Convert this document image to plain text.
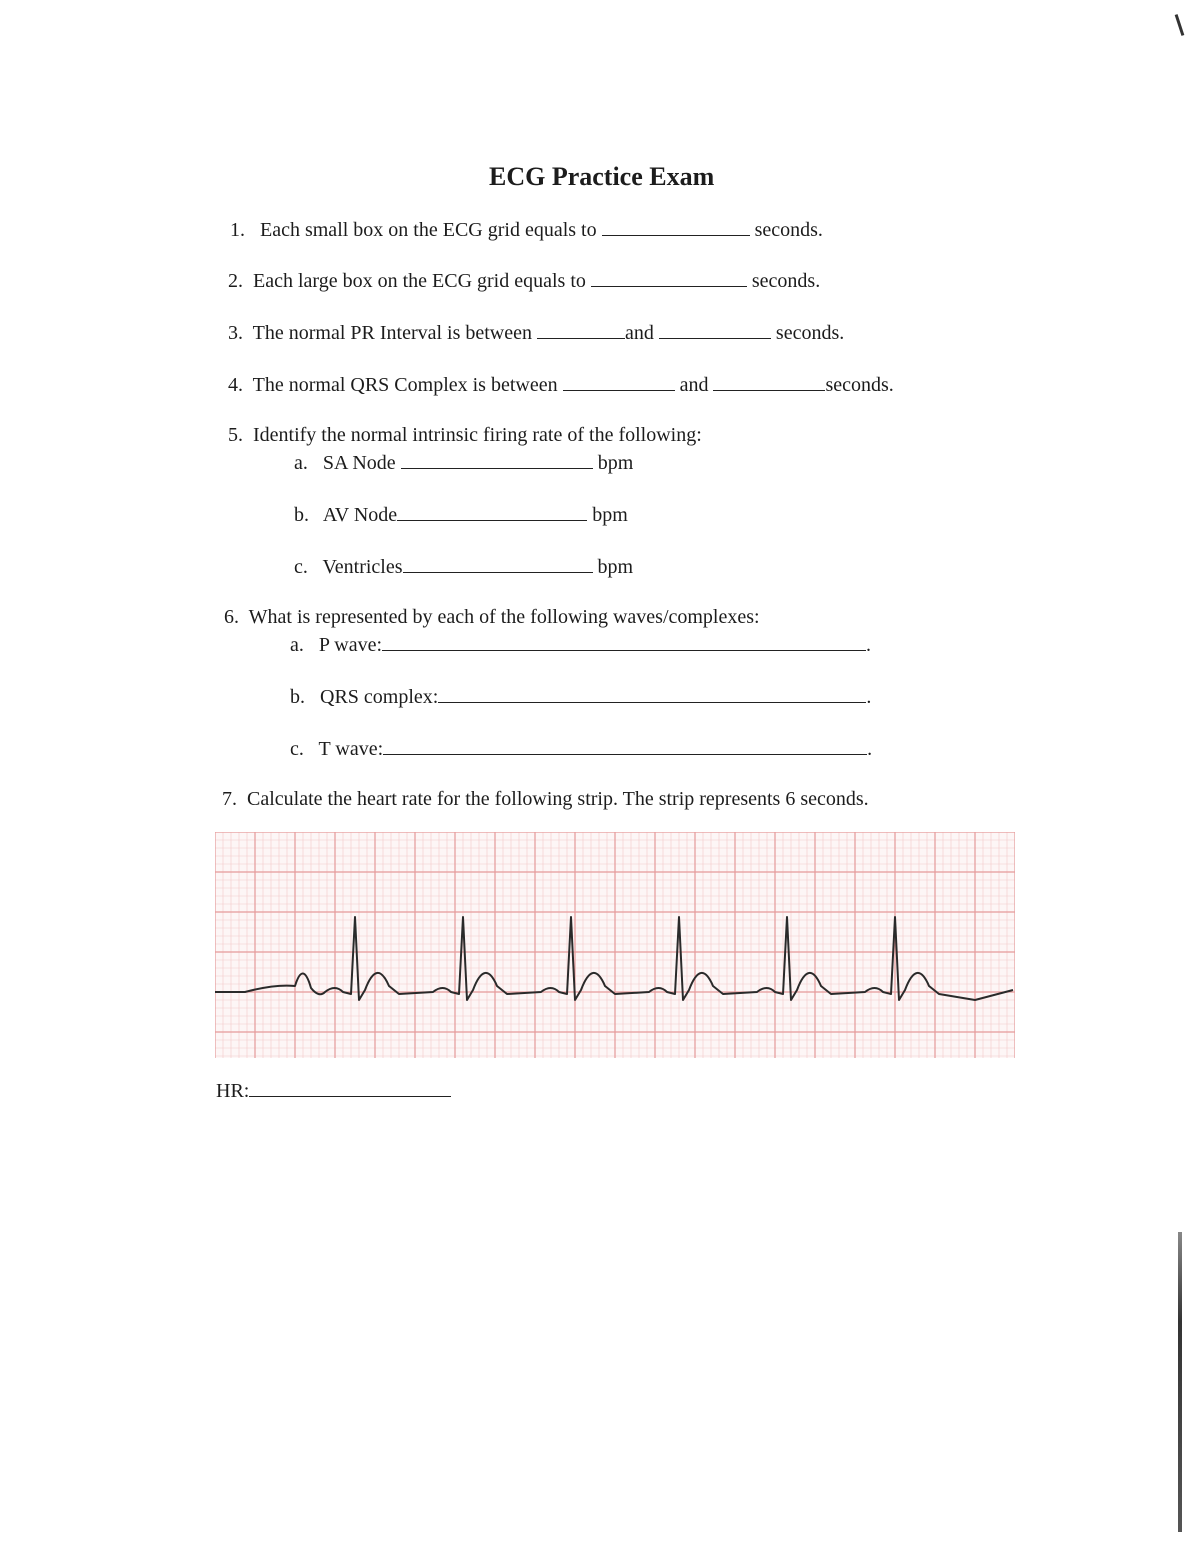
ECG Practice Exam
1. Each small box on the ECG grid equals to	seconds.
2. Each large box on the ECG grid equals to	seconds.
3. The normal PR Interval is between	and	seconds.
4. The normal QRS Complex is between	and	seconds.
5. Identify the normal intrinsic firing rate of the following:
a. SA Node	bpm
b. AV Node	bpm
c. Ventricles	bpm
6. What is represented by each of the following waves/complexes:
a. P wave:	.
b. QRS complex:	.
c. T wave:	.
7. Calculate the heart rate for the following strip. The strip represents 6 seconds.
HR:
